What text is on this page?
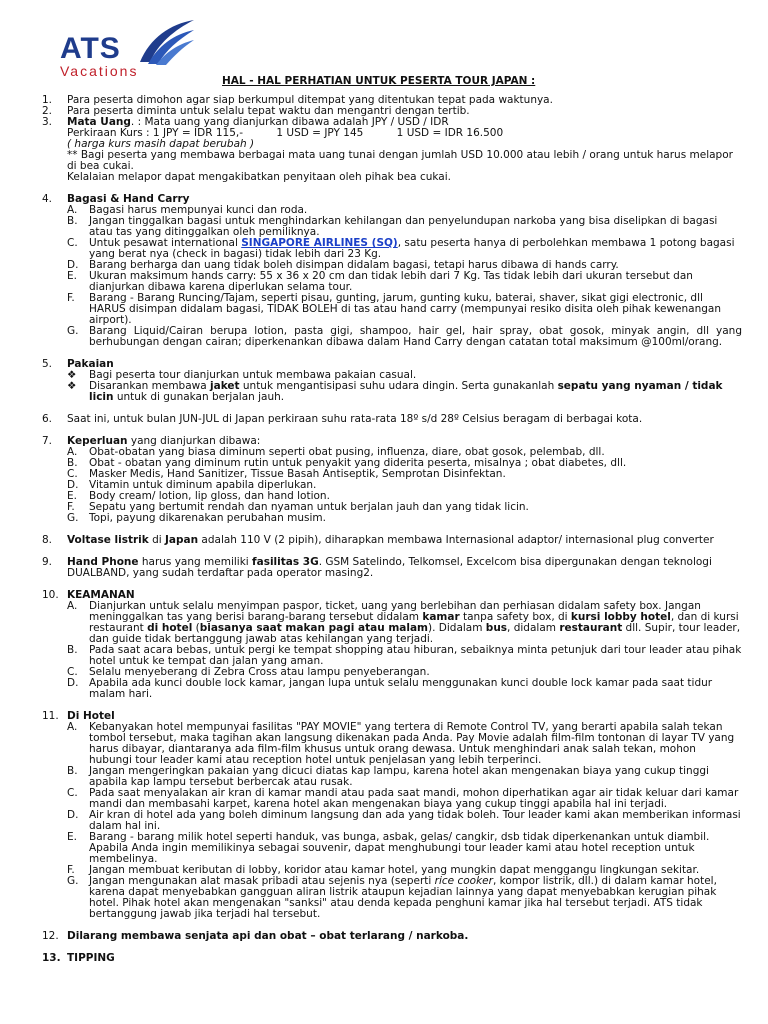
ATS
Vacations
HAL - HAL PERHATIAN UNTUK PESERTA TOUR JAPAN :
1.	Para peserta dimohon agar siap berkumpul ditempat yang ditentukan tepat pada waktunya.
2.	Para peserta diminta untuk selalu tepat waktu dan mengantri dengan tertib.
3.	Mata Uang. : Mata uang yang dianjurkan dibawa adalah JPY / USD / IDR
Perkiraan Kurs : 1 JPY = IDR 115,-          1 USD = JPY 145          1 USD = IDR 16.500
( harga kurs masih dapat berubah )
** Bagi peserta yang membawa berbagai mata uang tunai dengan jumlah USD 10.000 atau lebih / orang untuk harus melapor di bea cukai.
Kelalaian melapor dapat mengakibatkan penyitaan oleh pihak bea cukai.
4.	Bagasi & Hand Carry
A.	Bagasi harus mempunyai kunci dan roda.
B.	Jangan tinggalkan bagasi untuk menghindarkan kehilangan dan penyelundupan narkoba yang bisa diselipkan di bagasi atau tas yang ditinggalkan oleh pemiliknya.
C.	Untuk pesawat international SINGAPORE AIRLINES (SQ), satu peserta hanya di perbolehkan membawa 1 potong bagasi yang berat nya (check in bagasi) tidak lebih dari 23 Kg.
D.	Barang berharga dan uang tidak boleh disimpan didalam bagasi, tetapi harus dibawa di hands carry.
E.	Ukuran maksimum hands carry: 55 x 36 x 20 cm dan tidak lebih dari 7 Kg. Tas tidak lebih dari ukuran tersebut dan dianjurkan dibawa karena diperlukan selama tour.
F.	Barang - Barang Runcing/Tajam, seperti pisau, gunting, jarum, gunting kuku, baterai, shaver, sikat gigi electronic, dll HARUS disimpan didalam bagasi, TIDAK BOLEH di tas atau hand carry (mempunyai resiko disita oleh pihak kewenangan airport).
G.	Barang Liquid/Cairan berupa lotion, pasta gigi, shampoo, hair gel, hair spray, obat gosok, minyak angin, dll yang berhubungan dengan cairan; diperkenankan dibawa dalam Hand Carry dengan catatan total maksimum @100ml/orang.
5.	Pakaian
❖	Bagi peserta tour dianjurkan untuk membawa pakaian casual.
❖	Disarankan membawa jaket untuk mengantisipasi suhu udara dingin. Serta gunakanlah sepatu yang nyaman / tidak licin untuk di gunakan berjalan jauh.
6.	Saat ini, untuk bulan JUN-JUL di Japan perkiraan suhu rata-rata 18º s/d 28º Celsius beragam di berbagai kota.
7.	Keperluan yang dianjurkan dibawa:
A.	Obat-obatan yang biasa diminum seperti obat pusing, influenza, diare, obat gosok, pelembab, dll.
B.	Obat - obatan yang diminum rutin untuk penyakit yang diderita peserta, misalnya ; obat diabetes, dll.
C.	Masker Medis, Hand Sanitizer, Tissue Basah Antiseptik, Semprotan Disinfektan.
D.	Vitamin untuk diminum apabila diperlukan.
E.	Body cream/ lotion, lip gloss, dan hand lotion.
F.	Sepatu yang bertumit rendah dan nyaman untuk berjalan jauh dan yang tidak licin.
G.	Topi, payung dikarenakan perubahan musim.
8.	Voltase listrik di Japan adalah 110 V (2 pipih), diharapkan membawa Internasional adaptor/ internasional plug converter
9.	Hand Phone harus yang memiliki fasilitas 3G. GSM Satelindo, Telkomsel, Excelcom bisa dipergunakan dengan teknologi DUALBAND, yang sudah terdaftar pada operator masing2.
10. KEAMANAN
A.	Dianjurkan untuk selalu menyimpan paspor, ticket, uang yang berlebihan dan perhiasan didalam safety box. Jangan meninggalkan tas yang berisi barang-barang tersebut didalam kamar tanpa safety box, di kursi lobby hotel, dan di kursi restaurant di hotel (biasanya saat makan pagi atau malam). Didalam bus, didalam restaurant dll. Supir, tour leader, dan guide tidak bertanggung jawab atas kehilangan yang terjadi.
B.	Pada saat acara bebas, untuk pergi ke tempat shopping atau hiburan, sebaiknya minta petunjuk dari tour leader atau pihak hotel untuk ke tempat dan jalan yang aman.
C.	Selalu menyeberang di Zebra Cross atau lampu penyeberangan.
D.	Apabila ada kunci double lock kamar, jangan lupa untuk selalu menggunakan kunci double lock kamar pada saat tidur malam hari.
11. Di Hotel
A.	Kebanyakan hotel mempunyai fasilitas "PAY MOVIE" yang tertera di Remote Control TV, yang berarti apabila salah tekan tombol tersebut, maka tagihan akan langsung dikenakan pada Anda. Pay Movie adalah film-film tontonan di layar TV yang harus dibayar, diantaranya ada film-film khusus untuk orang dewasa. Untuk menghindari anak salah tekan, mohon hubungi tour leader kami atau reception hotel untuk penjelasan yang lebih terperinci.
B.	Jangan mengeringkan pakaian yang dicuci diatas kap lampu, karena hotel akan mengenakan biaya yang cukup tinggi apabila kap lampu tersebut berbercak atau rusak.
C.	Pada saat menyalakan air kran di kamar mandi atau pada saat mandi, mohon diperhatikan agar air tidak keluar dari kamar mandi dan membasahi karpet, karena hotel akan mengenakan biaya yang cukup tinggi apabila hal ini terjadi.
D.	Air kran di hotel ada yang boleh diminum langsung dan ada yang tidak boleh. Tour leader kami akan memberikan informasi dalam hal ini.
E.	Barang - barang milik hotel seperti handuk, vas bunga, asbak, gelas/ cangkir, dsb tidak diperkenankan untuk diambil. Apabila Anda ingin memilikinya sebagai souvenir, dapat menghubungi tour leader kami atau hotel reception untuk membelinya.
F.	Jangan membuat keributan di lobby, koridor atau kamar hotel, yang mungkin dapat menggangu lingkungan sekitar.
G.	Jangan mengunakan alat masak pribadi atau sejenis nya (seperti rice cooker, kompor listrik, dll.) di dalam kamar hotel, karena dapat menyebabkan gangguan aliran listrik ataupun kejadian lainnya yang dapat menyebabkan kerugian pihak hotel. Pihak hotel akan mengenakan "sanksi" atau denda kepada penghuni kamar jika hal tersebut terjadi. ATS tidak bertanggung jawab jika terjadi hal tersebut.
12. Dilarang membawa senjata api dan obat – obat terlarang / narkoba.
13. TIPPING
